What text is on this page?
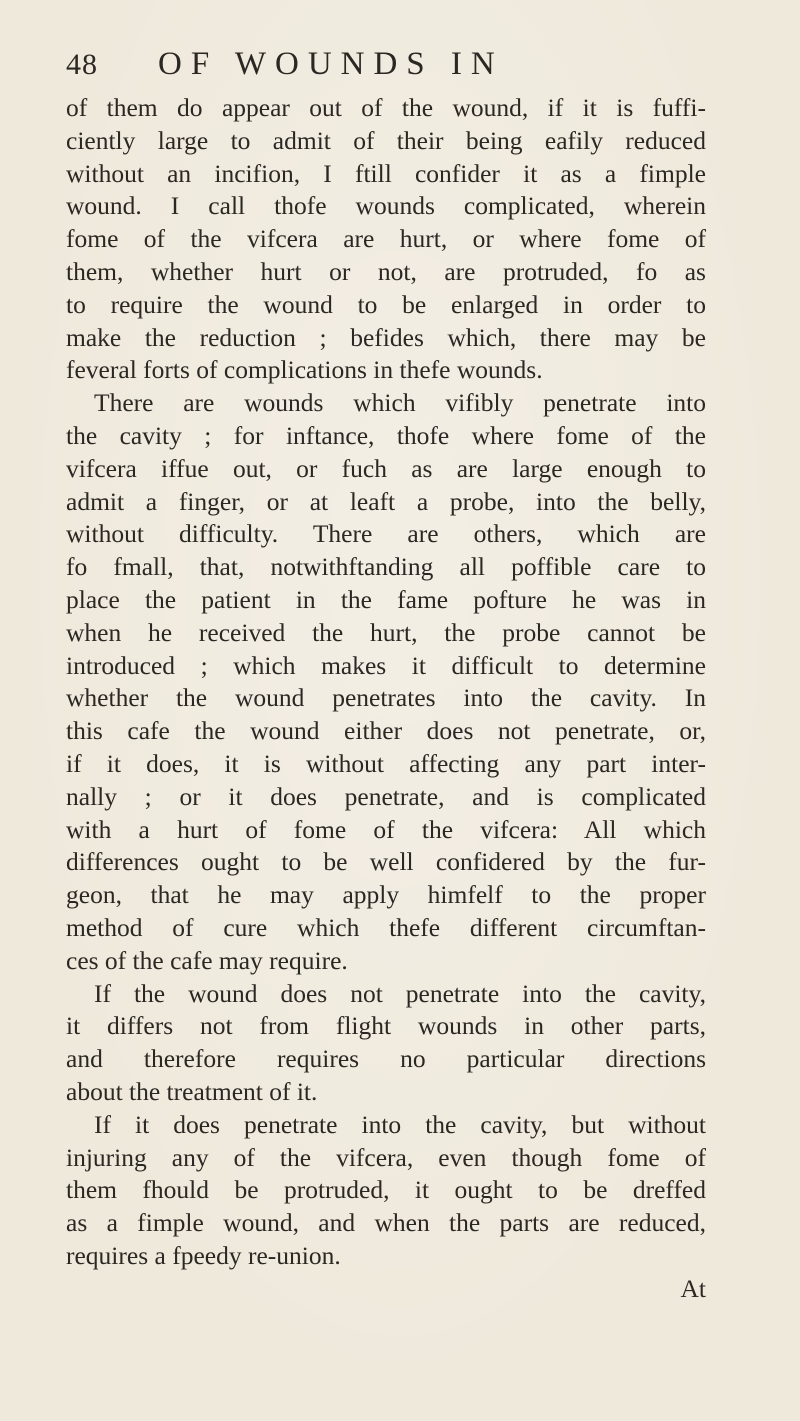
48 OF WOUNDS IN
of them do appear out of the wound, if it is fuffi-
ciently large to admit of their being eafily reduced
without an incifion, I ftill confider it as a fimple
wound. I call thofe wounds complicated, wherein
fome of the vifcera are hurt, or where fome of
them, whether hurt or not, are protruded, fo as
to require the wound to be enlarged in order to
make the reduction ; befides which, there may be
feveral forts of complications in thefe wounds.
There are wounds which vifibly penetrate into
the cavity ; for inftance, thofe where fome of the
vifcera iffue out, or fuch as are large enough to
admit a finger, or at leaft a probe, into the belly,
without difficulty. There are others, which are
fo fmall, that, notwithftanding all poffible care to
place the patient in the fame pofture he was in
when he received the hurt, the probe cannot be
introduced ; which makes it difficult to determine
whether the wound penetrates into the cavity. In
this cafe the wound either does not penetrate, or,
if it does, it is without affecting any part inter-
nally ; or it does penetrate, and is complicated
with a hurt of fome of the vifcera: All which
differences ought to be well confidered by the fur-
geon, that he may apply himfelf to the proper
method of cure which thefe different circumftan-
ces of the cafe may require.
If the wound does not penetrate into the cavity,
it differs not from flight wounds in other parts,
and therefore requires no particular directions
about the treatment of it.
If it does penetrate into the cavity, but without
injuring any of the vifcera, even though fome of
them fhould be protruded, it ought to be dreffed
as a fimple wound, and when the parts are reduced,
requires a fpeedy re-union.
At
